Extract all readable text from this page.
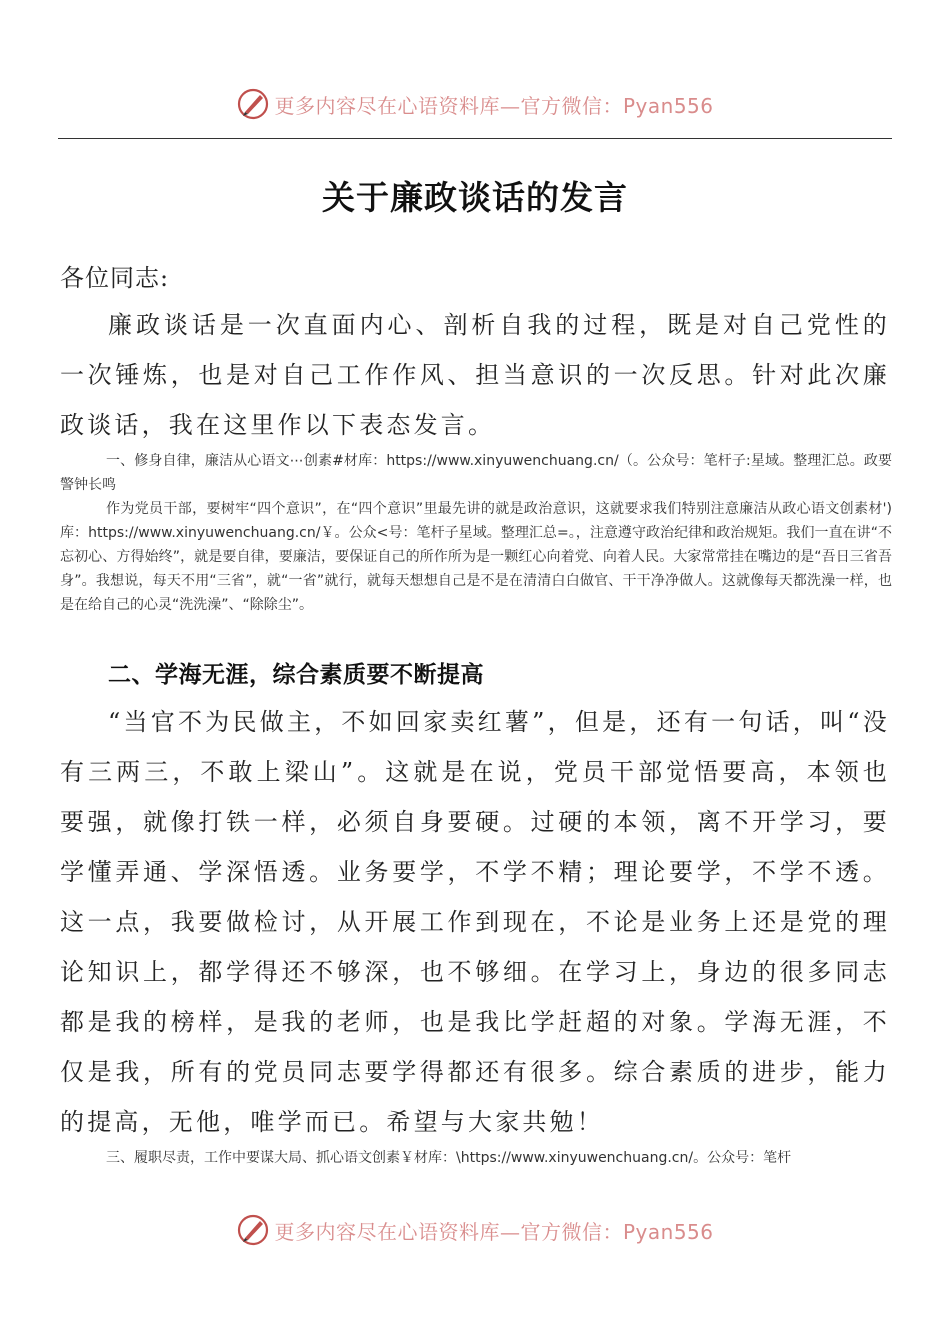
更多内容尽在心语资料库—官方微信：Pyan556
关于廉政谈话的发言
各位同志:

廉政谈话是一次直面内心、剖析自我的过程，既是对自己党性的一次锤炼，也是对自己工作作风、担当意识的一次反思。针对此次廉政谈话，我在这里作以下表态发言。

一、修身自律，廉洁从心语文⋯创素#材库：https://www.xinyuwenchuang.cn/（。公众号：笔杆子:星域。整理汇总。政要警钟长鸣

作为党员干部，要树牢“四个意识”，在“四个意识”里最先讲的就是政治意识，这就要求我们特别注意廉洁从政心语文创素材')库：https://www.xinyuwenchuang.cn/￥。公众<号：笔杆子星域。整理汇总=。，注意遵守政治纪律和政治规矩。我们一直在讲“不忘初心、方得始终”，就是要自律，要廉洁，要保证自己的所作所为是一颗红心向着党、向着人民。大家常常挂在嘴边的是“吾日三省吾身”。我想说，每天不用“三省”，就“一省”就行，就每天想想自己是不是在清清白白做官、干干净净做人。这就像每天都洗澡一样，也是在给自己的心灵“洗洗澡”、“除除尘”。

二、学海无涯，综合素质要不断提高

“当官不为民做主，不如回家卖红薯”，但是，还有一句话，叫“没有三两三，不敢上梁山”。这就是在说，党员干部觉悟要高，本领也要强，就像打铁一样，必须自身要硬。过硬的本领，离不开学习，要学懂弄通、学深悟透。业务要学，不学不精；理论要学，不学不透。这一点，我要做检讨，从开展工作到现在，不论是业务上还是党的理论知识上，都学得还不够深，也不够细。在学习上，身边的很多同志都是我的榜样，是我的老师，也是我比学赶超的对象。学海无涯，不仅是我，所有的党员同志要学得都还有很多。综合素质的进步，能力的提高，无他，唯学而已。希望与大家共勉！

三、履职尽责，工作中要谋大局、抓心语文创素￥材库：\https://www.xinyuwenchuang.cn/。公众号：笔杆

更多内容尽在心语资料库—官方微信：Pyan556
